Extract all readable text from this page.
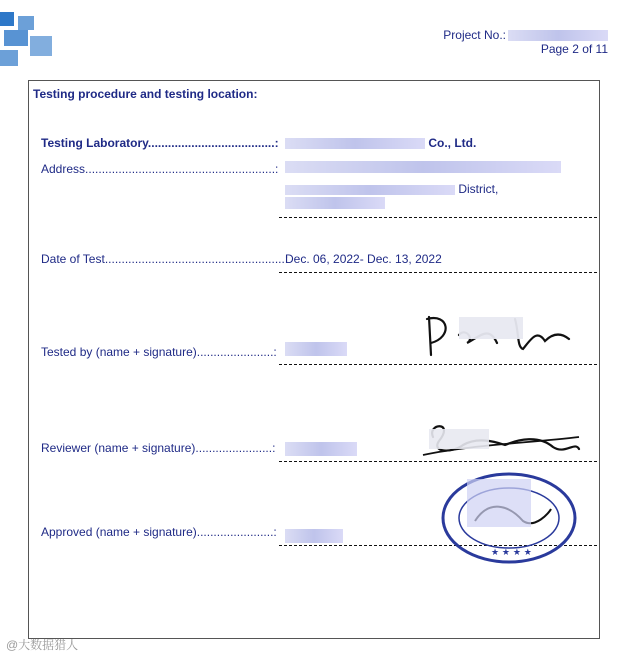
Project No.:
Page 2 of 11
Testing procedure and testing location:
Testing Laboratory......................................:	Co., Ltd.
Address.........................................................:
District,
Date of Test......................................................:
Dec. 06, 2022- Dec. 13, 2022
Tested by (name + signature).......................:
Reviewer (name + signature).......................:
Approved (name + signature).......................:
★ ★ ★ ★
@大数据猎人
